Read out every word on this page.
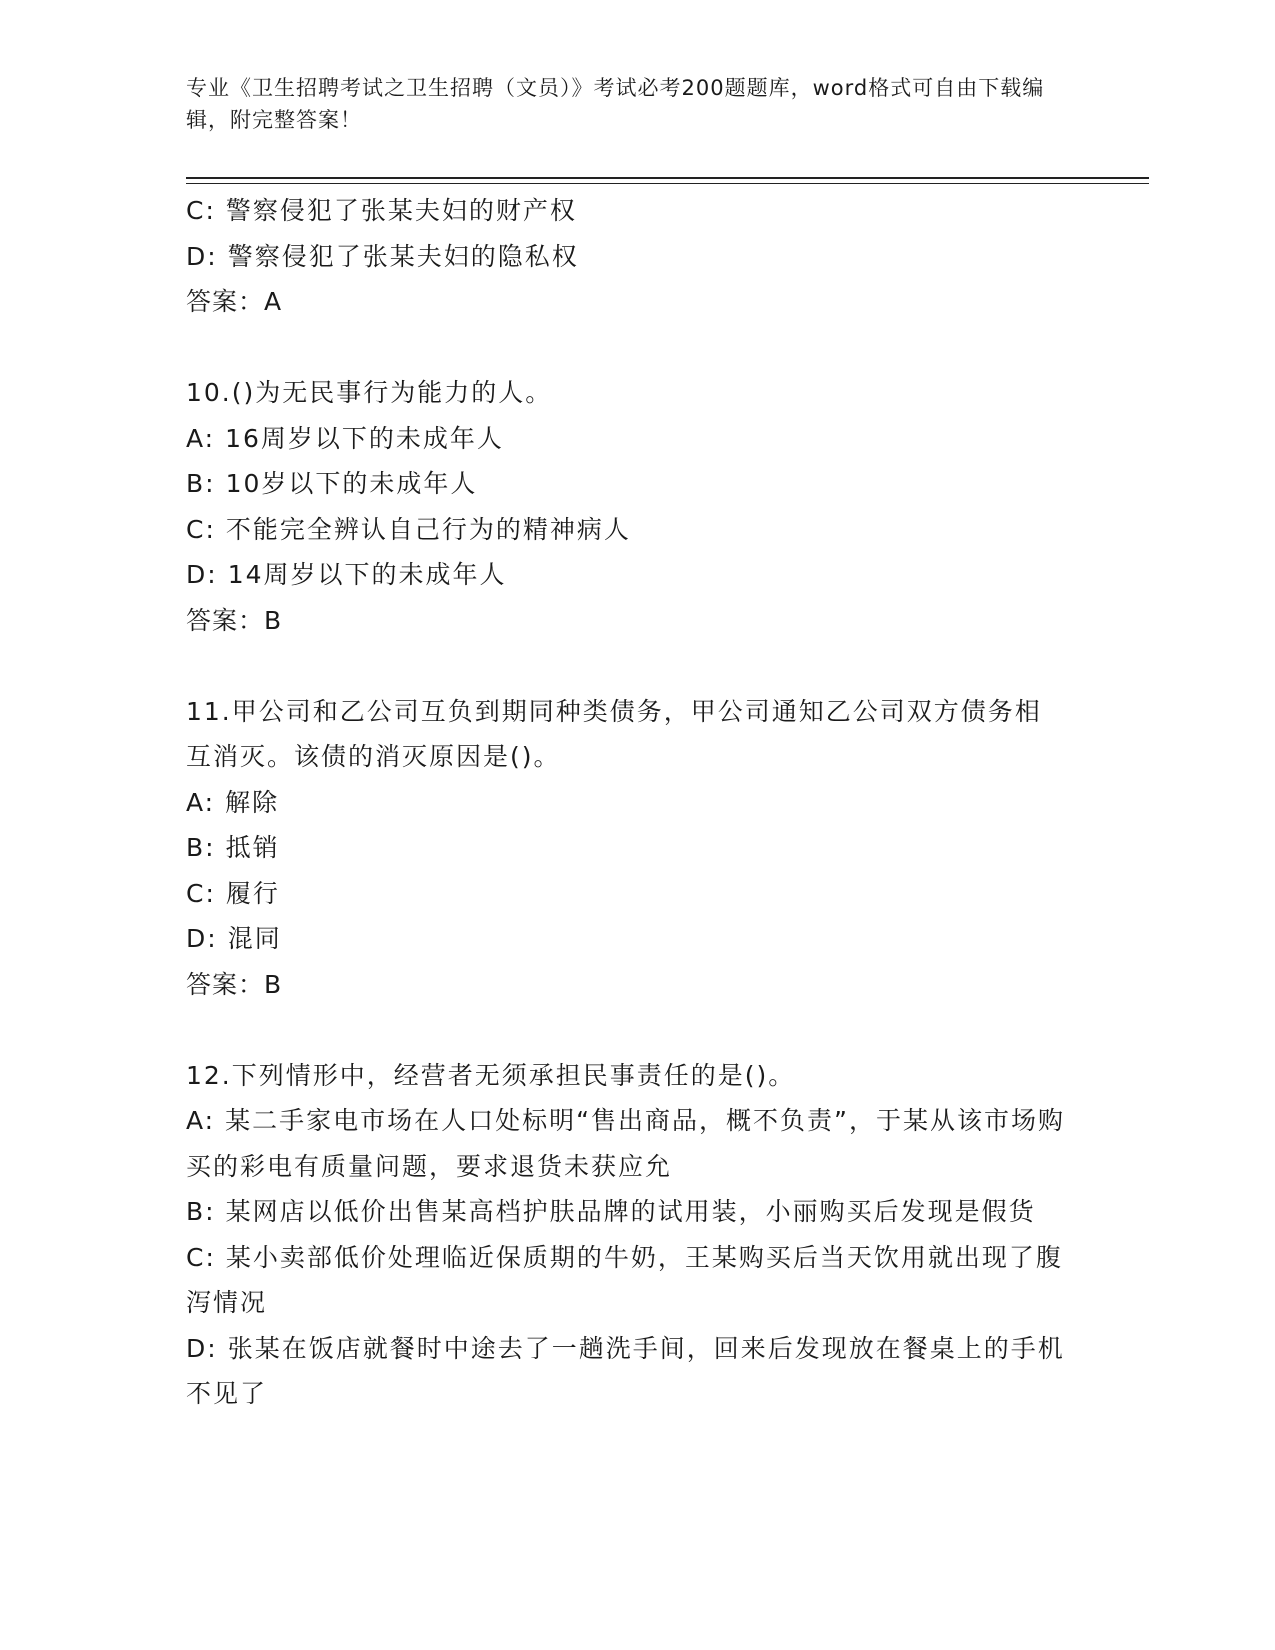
专业《卫生招聘考试之卫生招聘（文员）》考试必考200题题库，word格式可自由下载编辑，附完整答案！
C: 警察侵犯了张某夫妇的财产权
D: 警察侵犯了张某夫妇的隐私权
答案：A
10.()为无民事行为能力的人。
A: 16周岁以下的未成年人
B: 10岁以下的未成年人
C: 不能完全辨认自己行为的精神病人
D: 14周岁以下的未成年人
答案：B
11.甲公司和乙公司互负到期同种类债务，甲公司通知乙公司双方债务相互消灭。该债的消灭原因是()。
A: 解除
B: 抵销
C: 履行
D: 混同
答案：B
12.下列情形中，经营者无须承担民事责任的是()。
A: 某二手家电市场在人口处标明“售出商品，概不负责”，于某从该市场购买的彩电有质量问题，要求退货未获应允
B: 某网店以低价出售某高档护肤品牌的试用装，小丽购买后发现是假货
C: 某小卖部低价处理临近保质期的牛奶，王某购买后当天饮用就出现了腹泻情况
D: 张某在饭店就餐时中途去了一趟洗手间，回来后发现放在餐桌上的手机不见了
